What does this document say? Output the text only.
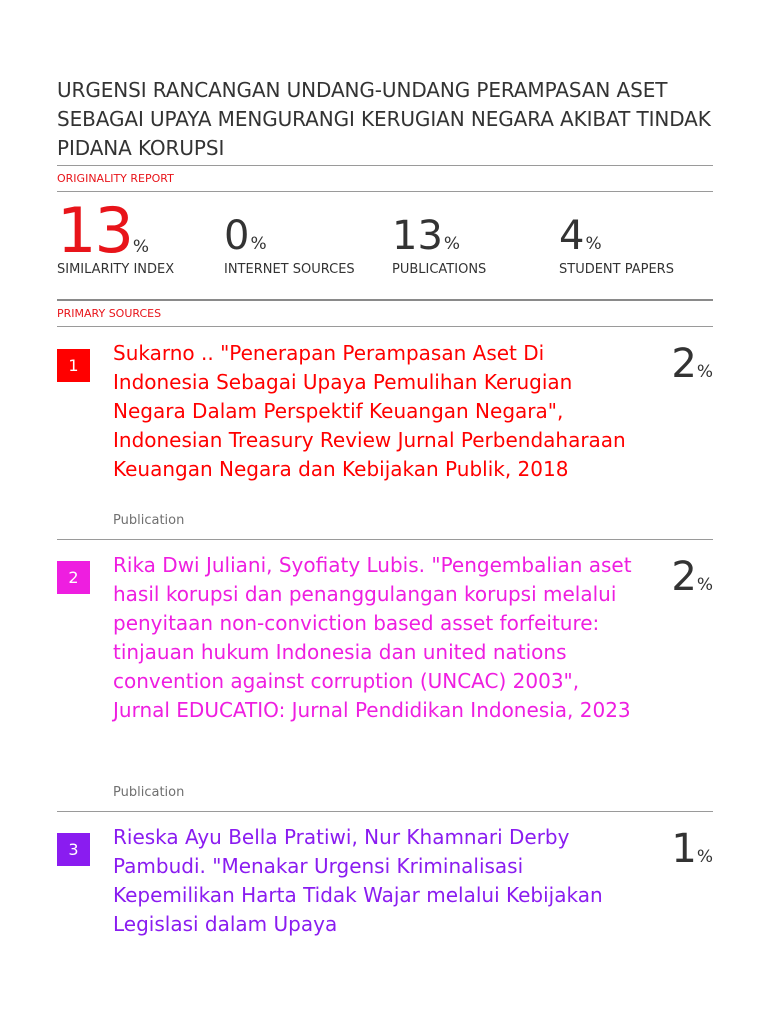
URGENSI RANCANGAN UNDANG-UNDANG PERAMPASAN ASET SEBAGAI UPAYA MENGURANGI KERUGIAN NEGARA AKIBAT TINDAK PIDANA KORUPSI
ORIGINALITY REPORT
13%
SIMILARITY INDEX
0%
INTERNET SOURCES
13%
PUBLICATIONS
4%
STUDENT PAPERS
PRIMARY SOURCES
1
Sukarno .. "Penerapan Perampasan Aset Di Indonesia Sebagai Upaya Pemulihan Kerugian Negara Dalam Perspektif Keuangan Negara", Indonesian Treasury Review Jurnal Perbendaharaan Keuangan Negara dan Kebijakan Publik, 2018
Publication
2%
2
Rika Dwi Juliani, Syofiaty Lubis. "Pengembalian aset hasil korupsi dan penanggulangan korupsi melalui penyitaan non-conviction based asset forfeiture: tinjauan hukum Indonesia dan united nations convention against corruption (UNCAC) 2003", Jurnal EDUCATIO: Jurnal Pendidikan Indonesia, 2023
Publication
2%
3
Rieska Ayu Bella Pratiwi, Nur Khamnari Derby Pambudi. "Menakar Urgensi Kriminalisasi Kepemilikan Harta Tidak Wajar melalui Kebijakan Legislasi dalam Upaya
1%
